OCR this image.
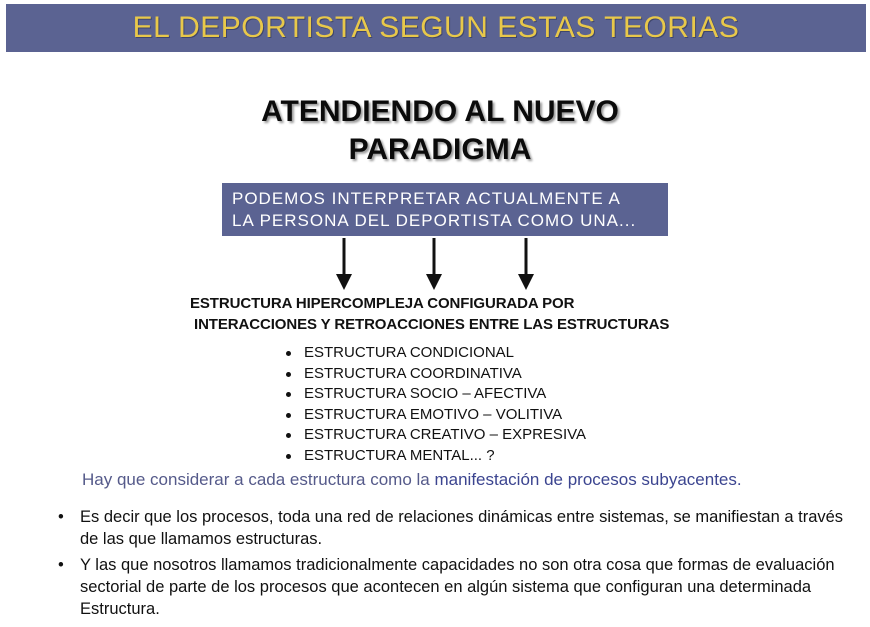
EL DEPORTISTA SEGUN ESTAS TEORIAS
ATENDIENDO AL NUEVO
PARADIGMA
PODEMOS INTERPRETAR ACTUALMENTE A
LA PERSONA DEL DEPORTISTA COMO UNA...
ESTRUCTURA HIPERCOMPLEJA CONFIGURADA POR
INTERACCIONES Y RETROACCIONES ENTRE LAS ESTRUCTURAS
ESTRUCTURA CONDICIONAL
ESTRUCTURA COORDINATIVA
ESTRUCTURA SOCIO – AFECTIVA
ESTRUCTURA EMOTIVO – VOLITIVA
ESTRUCTURA CREATIVO – EXPRESIVA
ESTRUCTURA MENTAL... ?
Hay que considerar a cada estructura como la manifestación de procesos subyacentes.
• Es decir que los procesos, toda una red de relaciones dinámicas entre sistemas, se manifiestan a través de las que llamamos estructuras.
• Y las que nosotros llamamos tradicionalmente capacidades no son otra cosa que formas de evaluación sectorial de parte de los procesos que acontecen en algún sistema que configuran una determinada Estructura.
